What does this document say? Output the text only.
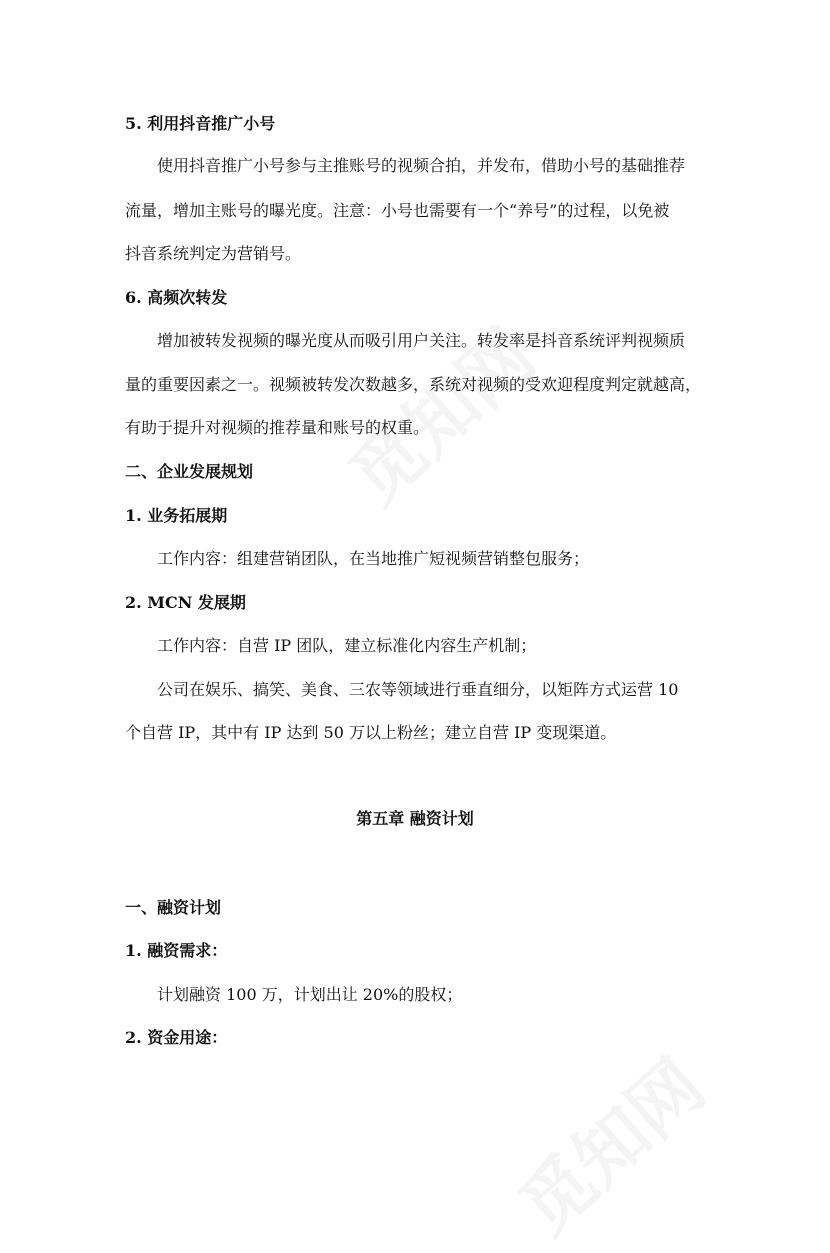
5. 利用抖音推广小号
使用抖音推广小号参与主推账号的视频合拍，并发布，借助小号的基础推荐
流量，增加主账号的曝光度。注意：小号也需要有一个“养号”的过程，以免被
抖音系统判定为营销号。
6. 高频次转发
增加被转发视频的曝光度从而吸引用户关注。转发率是抖音系统评判视频质
量的重要因素之一。视频被转发次数越多，系统对视频的受欢迎程度判定就越高，
有助于提升对视频的推荐量和账号的权重。
二、企业发展规划
1. 业务拓展期
工作内容：组建营销团队，在当地推广短视频营销整包服务；
2. MCN 发展期
工作内容：自营 IP 团队，建立标准化内容生产机制；
公司在娱乐、搞笑、美食、三农等领域进行垂直细分，以矩阵方式运营 10
个自营 IP，其中有 IP 达到 50 万以上粉丝；建立自营 IP 变现渠道。
第五章 融资计划
一、融资计划
1. 融资需求：
计划融资 100 万，计划出让 20%的股权；
2. 资金用途：
